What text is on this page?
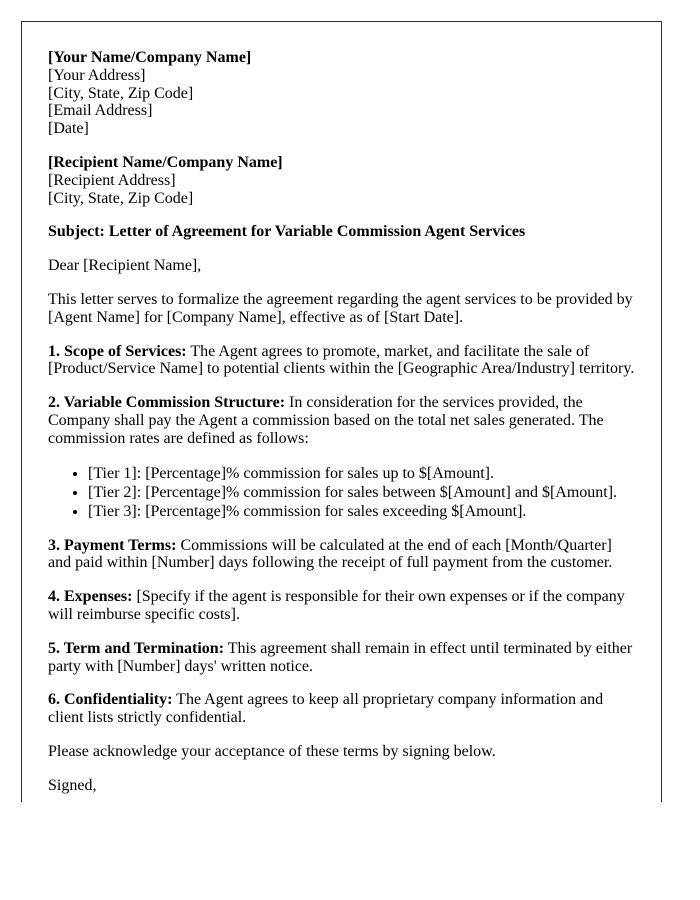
[Your Name/Company Name]
[Your Address]
[City, State, Zip Code]
[Email Address]
[Date]

[Recipient Name/Company Name]
[Recipient Address]
[City, State, Zip Code]

Subject: Letter of Agreement for Variable Commission Agent Services

Dear [Recipient Name],

This letter serves to formalize the agreement regarding the agent services to be provided by [Agent Name] for [Company Name], effective as of [Start Date].

1. Scope of Services: The Agent agrees to promote, market, and facilitate the sale of [Product/Service Name] to potential clients within the [Geographic Area/Industry] territory.

2. Variable Commission Structure: In consideration for the services provided, the Company shall pay the Agent a commission based on the total net sales generated. The commission rates are defined as follows:

• [Tier 1]: [Percentage]% commission for sales up to $[Amount].
• [Tier 2]: [Percentage]% commission for sales between $[Amount] and $[Amount].
• [Tier 3]: [Percentage]% commission for sales exceeding $[Amount].

3. Payment Terms: Commissions will be calculated at the end of each [Month/Quarter] and paid within [Number] days following the receipt of full payment from the customer.

4. Expenses: [Specify if the agent is responsible for their own expenses or if the company will reimburse specific costs].

5. Term and Termination: This agreement shall remain in effect until terminated by either party with [Number] days' written notice.

6. Confidentiality: The Agent agrees to keep all proprietary company information and client lists strictly confidential.

Please acknowledge your acceptance of these terms by signing below.

Signed,
